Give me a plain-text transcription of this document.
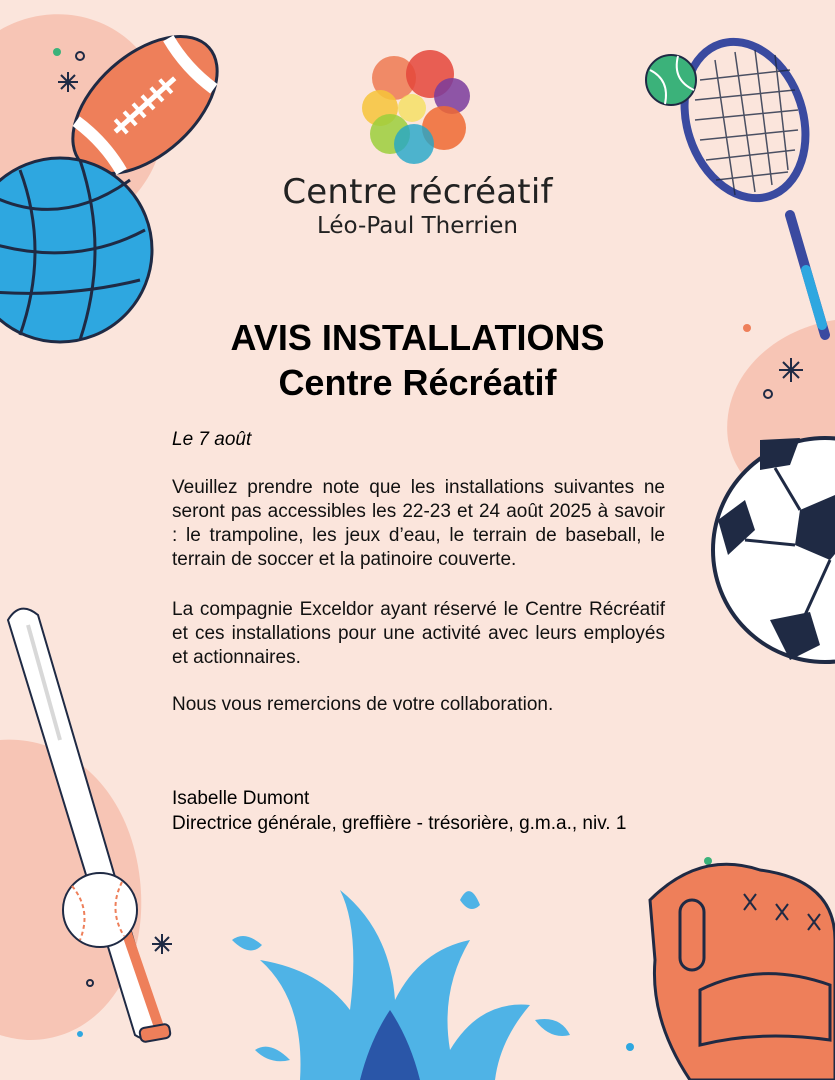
Centre récréatif
Léo-Paul Therrien
AVIS INSTALLATIONS
Centre Récréatif
Le 7 août

Veuillez prendre note que les installations suivantes ne seront pas accessibles les 22-23 et 24 août 2025 à savoir : le trampoline, les jeux d’eau, le terrain de baseball, le terrain de soccer et la patinoire couverte.

La compagnie Exceldor ayant réservé le Centre Récréatif et ces installations pour une activité avec leurs employés et actionnaires.

Nous vous remercions de votre collaboration.

Isabelle Dumont
Directrice générale, greffière - trésorière, g.m.a., niv. 1
